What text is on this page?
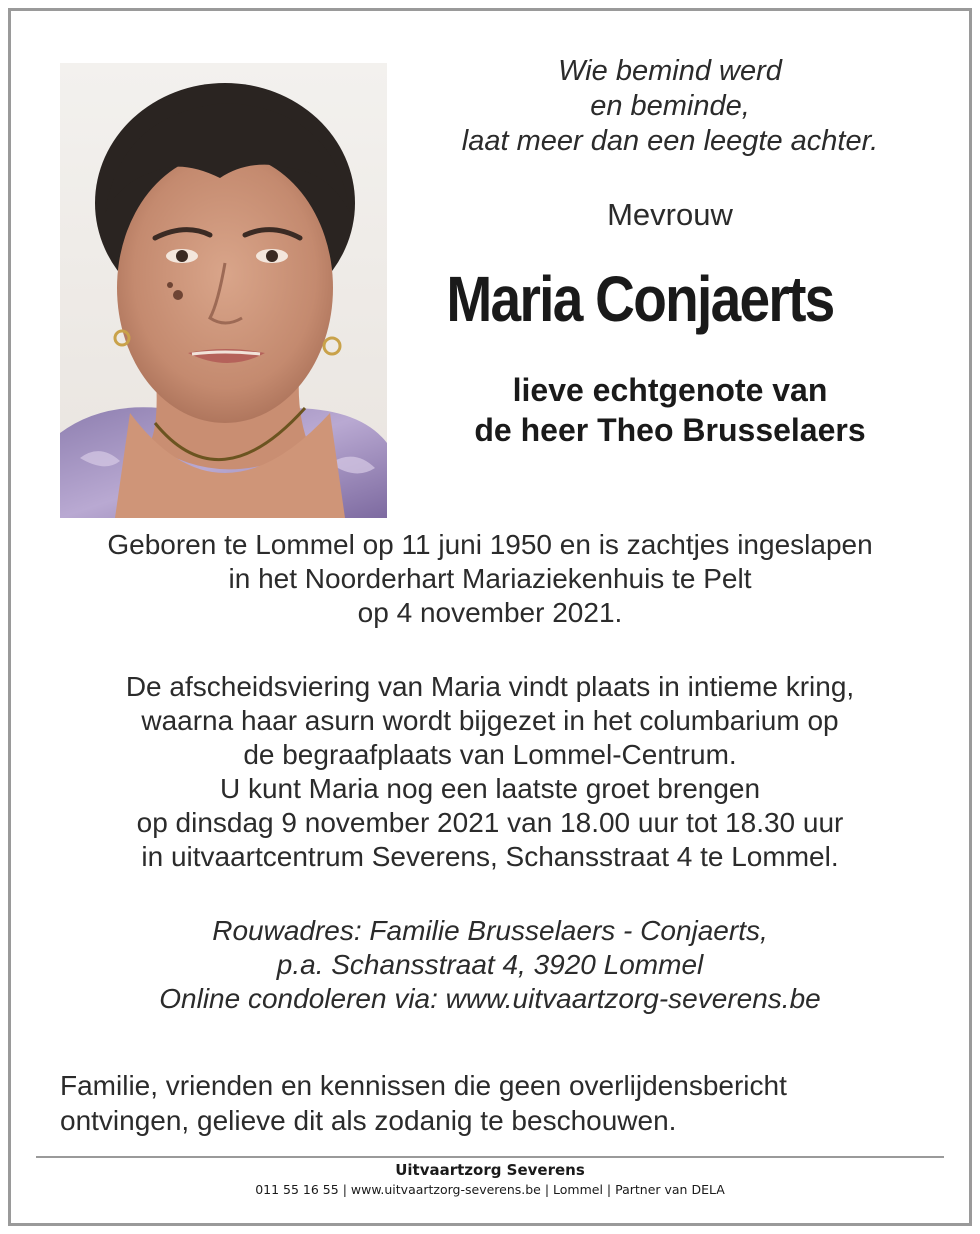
Wie bemind werd
en beminde,
laat meer dan een leegte achter.
Mevrouw
Maria Conjaerts
lieve echtgenote van
de heer Theo Brusselaers
Geboren te Lommel op 11 juni 1950 en is zachtjes ingeslapen
in het Noorderhart Mariaziekenhuis te Pelt
op 4 november 2021.
De afscheidsviering van Maria vindt plaats in intieme kring,
waarna haar asurn wordt bijgezet in het columbarium op
de begraafplaats van Lommel-Centrum.
U kunt Maria nog een laatste groet brengen
op dinsdag 9 november 2021 van 18.00 uur tot 18.30 uur
in uitvaartcentrum Severens, Schansstraat 4 te Lommel.
Rouwadres: Familie Brusselaers - Conjaerts,
p.a. Schansstraat 4, 3920 Lommel
Online condoleren via: www.uitvaartzorg-severens.be
Familie, vrienden en kennissen die geen overlijdensbericht
ontvingen, gelieve dit als zodanig te beschouwen.
Uitvaartzorg Severens
011 55 16 55 | www.uitvaartzorg-severens.be | Lommel | Partner van DELA
